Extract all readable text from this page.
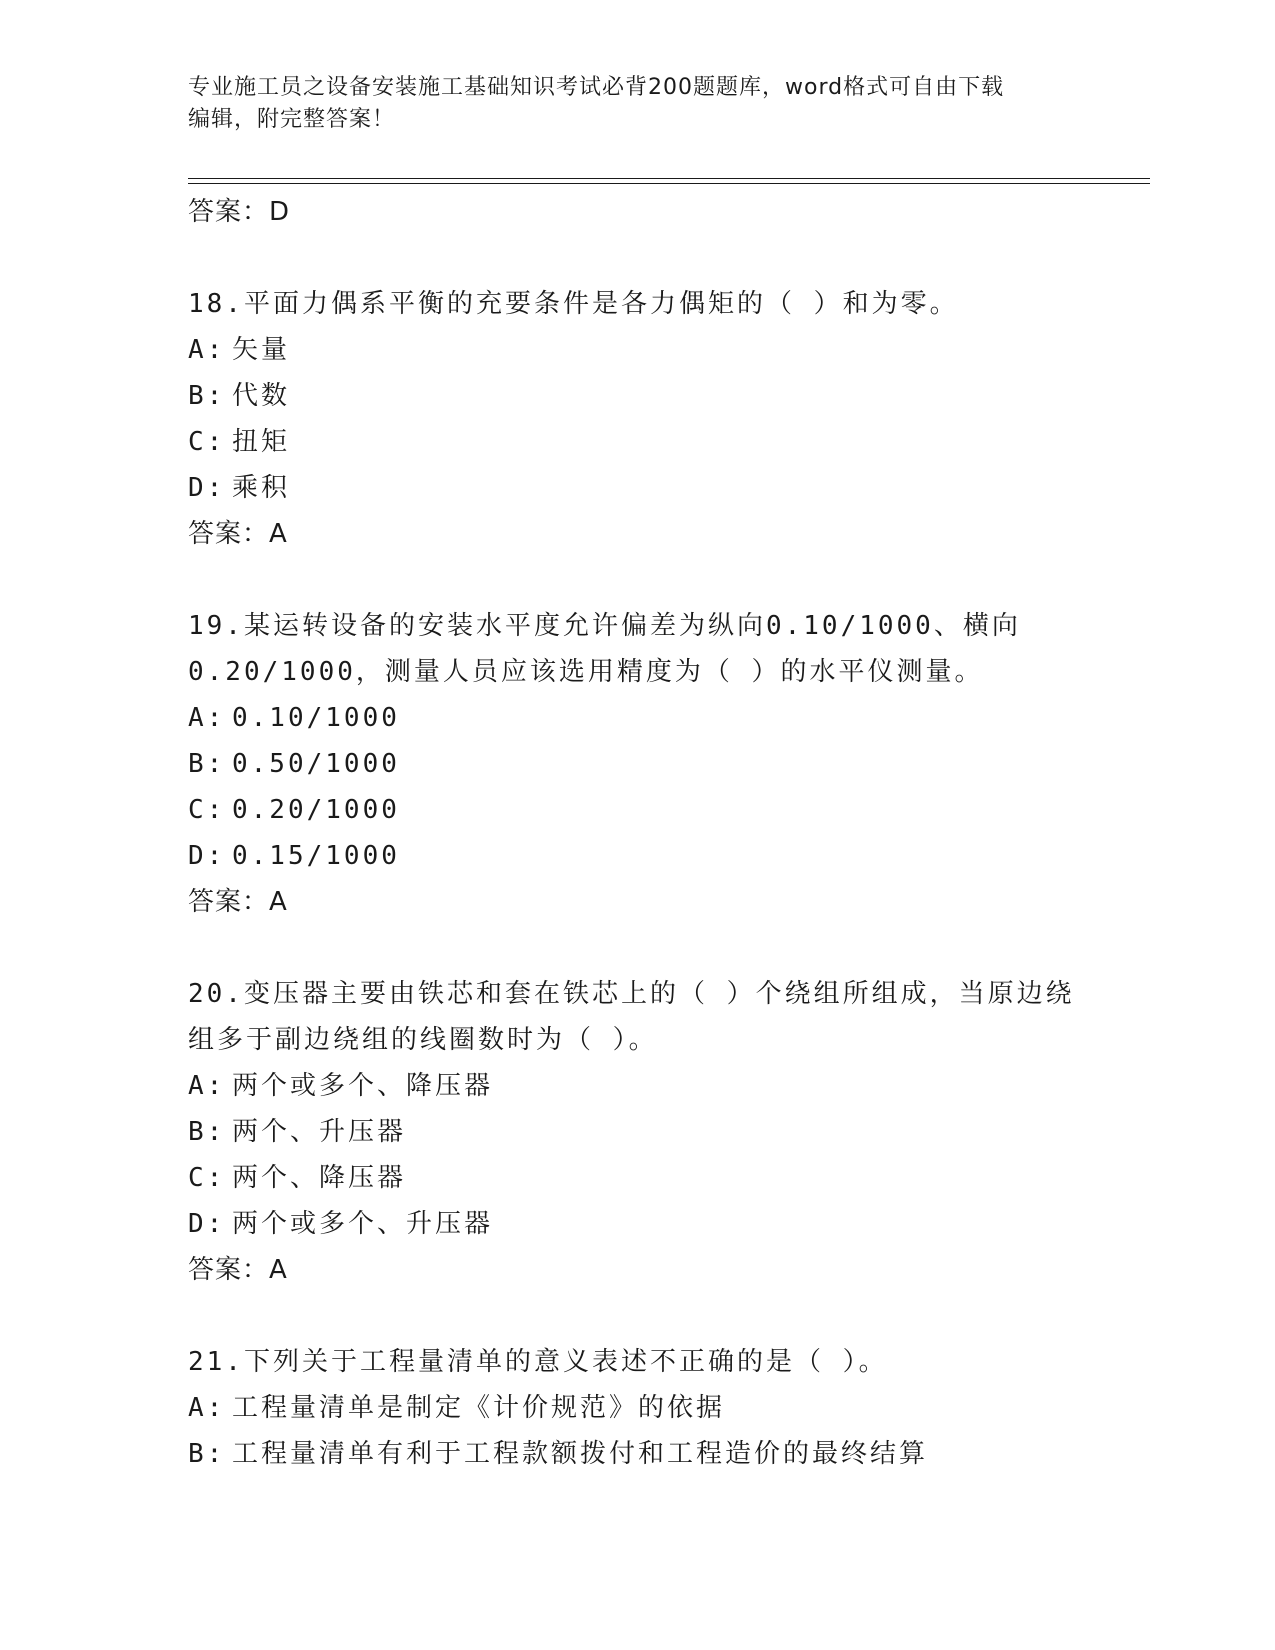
专业施工员之设备安装施工基础知识考试必背200题题库，word格式可自由下载
编辑，附完整答案！
答案：D
18.平面力偶系平衡的充要条件是各力偶矩的（ ）和为零。
A: 矢量
B: 代数
C: 扭矩
D: 乘积
答案：A
19.某运转设备的安装水平度允许偏差为纵向0.10/1000、横向
0.20/1000，测量人员应该选用精度为（ ）的水平仪测量。
A: 0.10/1000
B: 0.50/1000
C: 0.20/1000
D: 0.15/1000
答案：A
20.变压器主要由铁芯和套在铁芯上的（ ）个绕组所组成，当原边绕
组多于副边绕组的线圈数时为（ ）。
A: 两个或多个、降压器
B: 两个、升压器
C: 两个、降压器
D: 两个或多个、升压器
答案：A
21.下列关于工程量清单的意义表述不正确的是（ ）。
A: 工程量清单是制定《计价规范》的依据
B: 工程量清单有利于工程款额拨付和工程造价的最终结算
